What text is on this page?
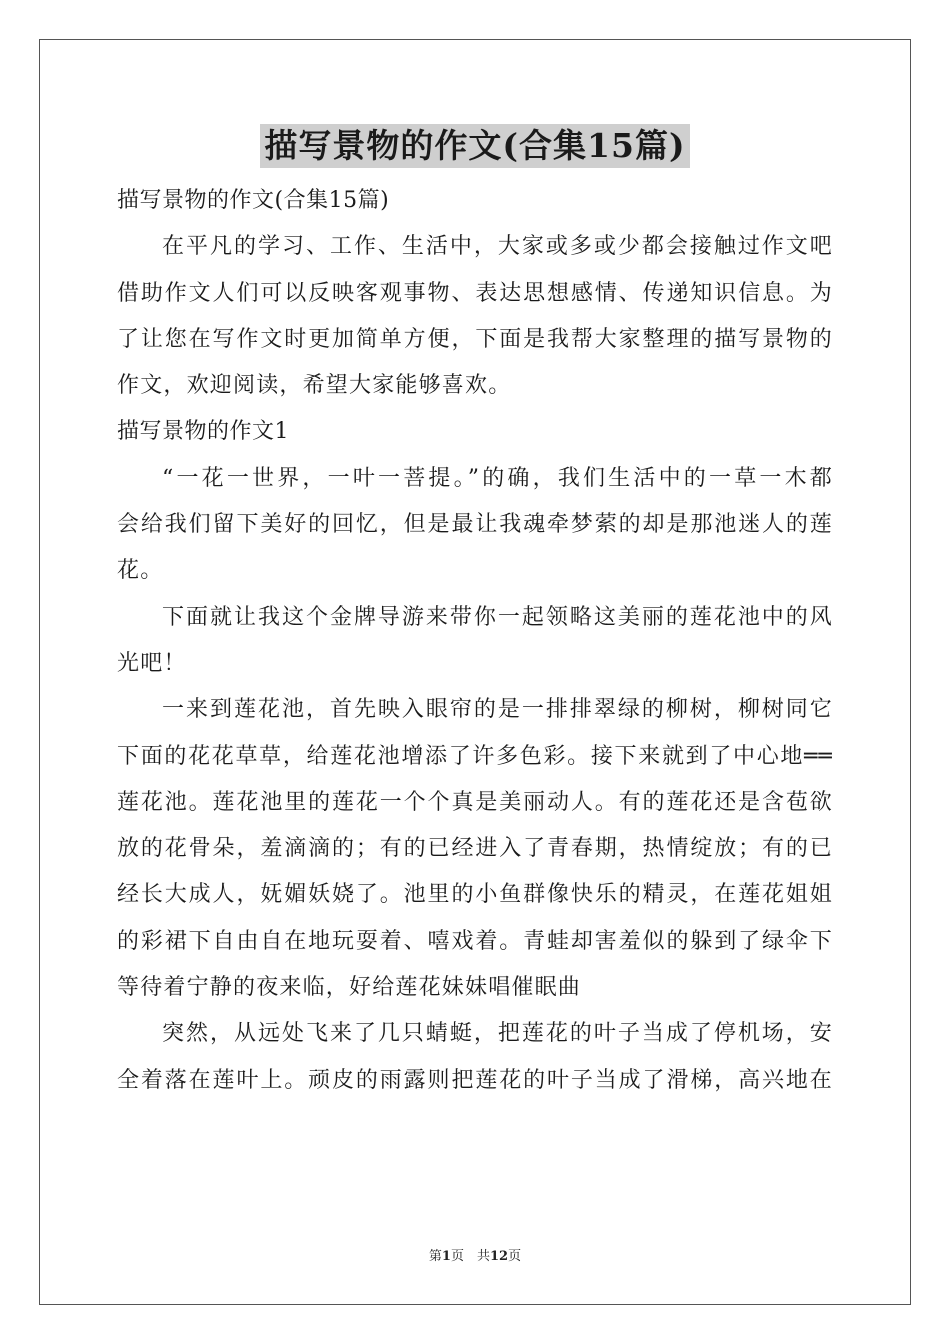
描写景物的作文(合集15篇)
描写景物的作文(合集15篇)
在平凡的学习、工作、生活中，大家或多或少都会接触过作文吧
借助作文人们可以反映客观事物、表达思想感情、传递知识信息。为
了让您在写作文时更加简单方便，下面是我帮大家整理的描写景物的
作文，欢迎阅读，希望大家能够喜欢。
描写景物的作文1
“一花一世界，一叶一菩提。”的确，我们生活中的一草一木都
会给我们留下美好的回忆，但是最让我魂牵梦萦的却是那池迷人的莲
花。
下面就让我这个金牌导游来带你一起领略这美丽的莲花池中的风
光吧！
一来到莲花池，首先映入眼帘的是一排排翠绿的柳树，柳树同它
下面的花花草草，给莲花池增添了许多色彩。接下来就到了中心地══
莲花池。莲花池里的莲花一个个真是美丽动人。有的莲花还是含苞欲
放的花骨朵，羞滴滴的；有的已经进入了青春期，热情绽放；有的已
经长大成人，妩媚妖娆了。池里的小鱼群像快乐的精灵，在莲花姐姐
的彩裙下自由自在地玩耍着、嘻戏着。青蛙却害羞似的躲到了绿伞下
等待着宁静的夜来临，好给莲花妹妹唱催眠曲
突然，从远处飞来了几只蜻蜓，把莲花的叶子当成了停机场，安
全着落在莲叶上。顽皮的雨露则把莲花的叶子当成了滑梯，高兴地在
第1页　共12页
